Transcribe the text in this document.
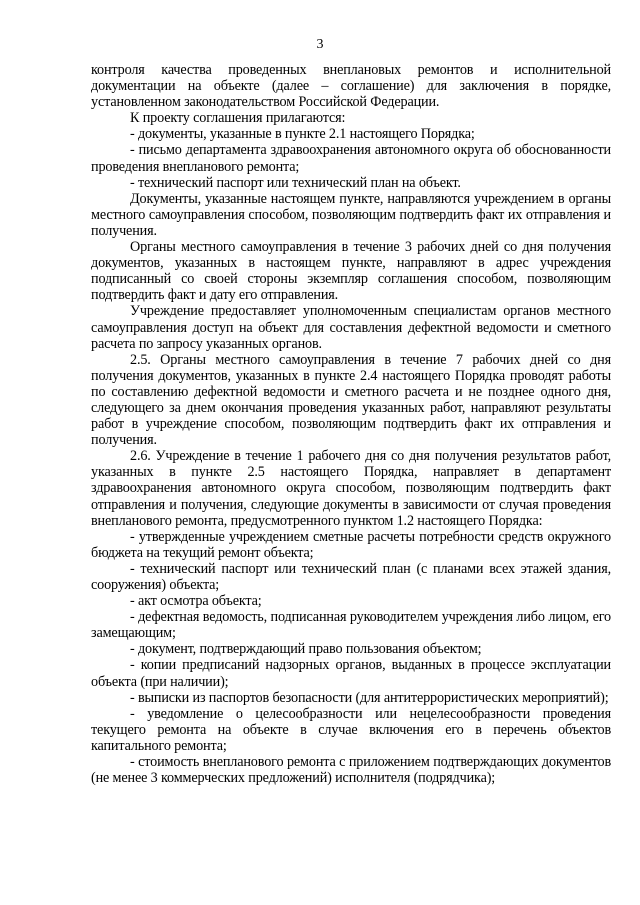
3

контроля качества проведенных внеплановых ремонтов и исполнительной документации на объекте (далее – соглашение) для заключения в порядке, установленном законодательством Российской Федерации.

К проекту соглашения прилагаются:

- документы, указанные в пункте 2.1 настоящего Порядка;

- письмо департамента здравоохранения автономного округа об обоснованности проведения внепланового ремонта;

- технический паспорт или технический план на объект.

Документы, указанные настоящем пункте, направляются учреждением в органы местного самоуправления способом, позволяющим подтвердить факт их отправления и получения.

Органы местного самоуправления в течение 3 рабочих дней со дня получения документов, указанных в настоящем пункте, направляют в адрес учреждения подписанный со своей стороны экземпляр соглашения способом, позволяющим подтвердить факт и дату его отправления.

Учреждение предоставляет уполномоченным специалистам органов местного самоуправления доступ на объект для составления дефектной ведомости и сметного расчета по запросу указанных органов.

2.5. Органы местного самоуправления в течение 7 рабочих дней со дня получения документов, указанных в пункте 2.4 настоящего Порядка проводят работы по составлению дефектной ведомости и сметного расчета и не позднее одного дня, следующего за днем окончания проведения указанных работ, направляют результаты работ в учреждение способом, позволяющим подтвердить факт их отправления и получения.

2.6. Учреждение в течение 1 рабочего дня со дня получения результатов работ, указанных в пункте 2.5 настоящего Порядка, направляет в департамент здравоохранения автономного округа способом, позволяющим подтвердить факт отправления и получения, следующие документы в зависимости от случая проведения внепланового ремонта, предусмотренного пунктом 1.2 настоящего Порядка:

- утвержденные учреждением сметные расчеты потребности средств окружного бюджета на текущий ремонт объекта;

- технический паспорт или технический план (с планами всех этажей здания, сооружения) объекта;

- акт осмотра объекта;

- дефектная ведомость, подписанная руководителем учреждения либо лицом, его замещающим;

- документ, подтверждающий право пользования объектом;

- копии предписаний надзорных органов, выданных в процессе эксплуатации объекта (при наличии);

- выписки из паспортов безопасности (для антитеррористических мероприятий);

- уведомление о целесообразности или нецелесообразности проведения текущего ремонта на объекте в случае включения его в перечень объектов капитального ремонта;

- стоимость внепланового ремонта с приложением подтверждающих документов (не менее 3 коммерческих предложений) исполнителя (подрядчика);
